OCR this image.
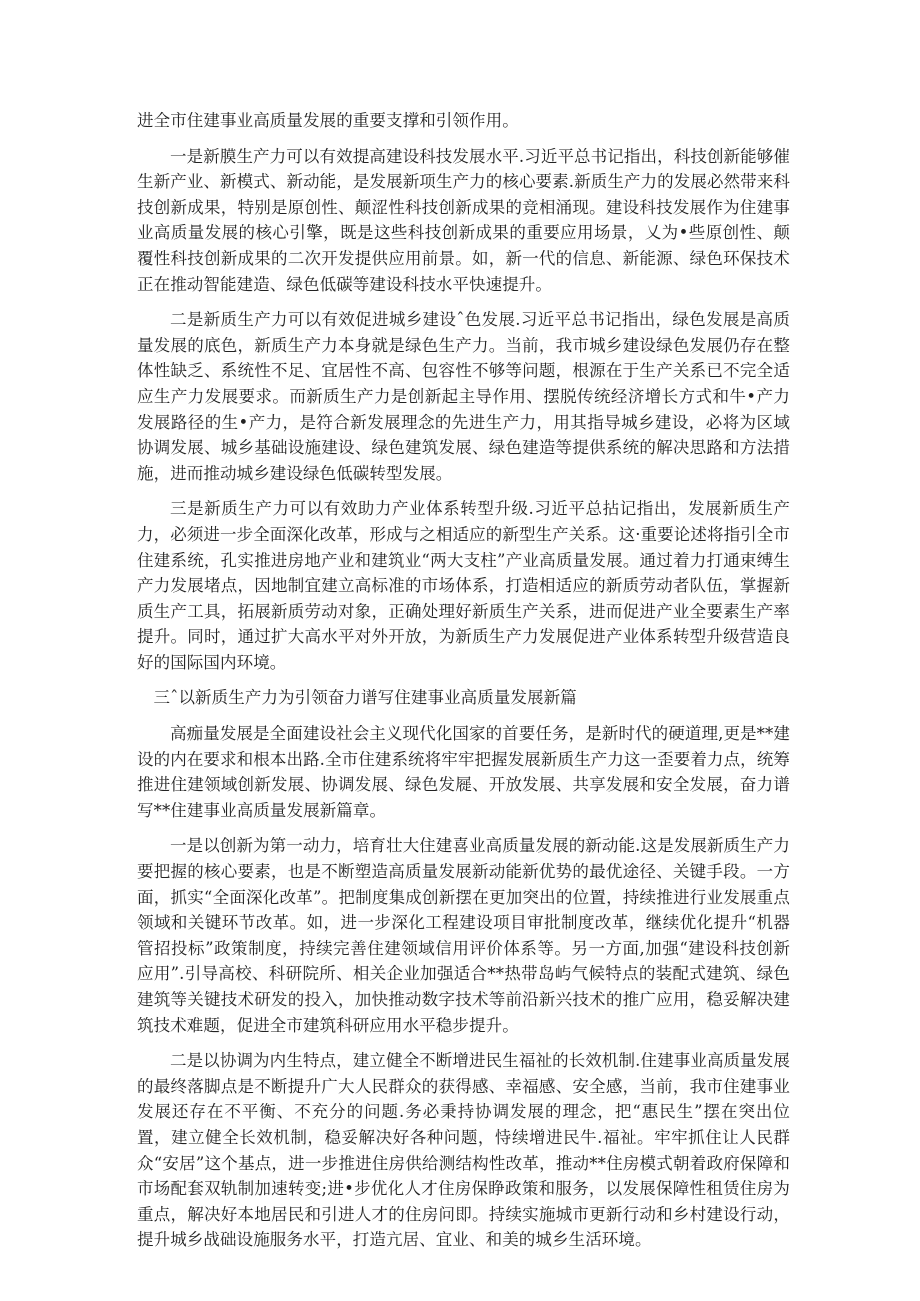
进全市住建事业高质量发展的重要支撑和引领作用。

一是新膜生产力可以有效提高建设科技发展水平.习近平总书记指出，科技创新能够催生新产业、新模式、新动能，是发展新项生产力的核心要素.新质生产力的发展必然带来科技创新成果，特别是原创性、颠涩性科技创新成果的竞相涌现。建设科技发展作为住建事业高质量发展的核心引擎，既是这些科技创新成果的重要应用场景，乂为•些原创性、颠覆性科技创新成果的二次开发提供应用前景。如，新一代的信息、新能源、绿色环保技术正在推动智能建造、绿色低碳等建设科技水平快速提升。

二是新质生产力可以有效促进城乡建设ˆ色发展.习近平总书记指出，绿色发展是高质量发展的底色，新质生产力本身就是绿色生产力。当前，我市城乡建设绿色发展仍存在整体性缺乏、系统性不足、宜居性不高、包容性不够等问题，根源在于生产关系已不完全适应生产力发展要求。而新质生产力是创新起主导作用、摆脱传统经济增长方式和牛•产力发展路径的生•产力，是符合新发展理念的先进生产力，用其指导城乡建设，必将为区域协调发展、城乡基础设施建设、绿色建筑发展、绿色建造等提供系统的解决思路和方法措施，进而推动城乡建设绿色低碳转型发展。

三是新质生产力可以有效助力产业体系转型升级.习近平总拈记指出，发展新质生产力，必须进一步全面深化改革，形成与之相适应的新型生产关系。这·重要论述将指引全市住建系统，孔实推进房地产业和建筑业“两大支柱”产业高质量发展。通过着力打通束缚生产力发展堵点，因地制宜建立高标准的市场体系，打造相适应的新质劳动者队伍，掌握新质生产工具，拓展新质劳动对象，正确处理好新质生产关系，进而促进产业全要素生产率提升。同时，通过扩大高水平对外开放，为新质生产力发展促进产业体系转型升级营造良好的国际国内环境。

三ˆ以新质生产力为引领奋力谱写住建事业高质量发展新篇

高痂量发展是全面建设社会主义现代化国家的首要任务，是新时代的硬道理,更是**建设的内在要求和根本出路.全市住建系统将牢牢把握发展新质生产力这一歪要着力点，统筹推进住建领域创新发展、协调发展、绿色发屣、开放发展、共享发展和安全发展，奋力谱写**住建事业高质量发展新篇章。

一是以创新为第一动力，培育壮大住建喜业高质量发展的新动能.这是发展新质生产力要把握的核心要素，也是不断塑造高质量发展新动能新优势的最优途径、关键手段。一方面，抓实“全面深化改革”。把制度集成创新摆在更加突出的位置，持续推进行业发展重点领域和关键环节改革。如，进一步深化工程建设项目审批制度改革，继续优化提升“机器管招投标”政策制度，持续完善住建领域信用评价体系等。另一方面,加强“建设科技创新应用”.引导高校、科研院所、相关企业加强适合**热带岛屿气候特点的装配式建筑、绿色建筑等关键技术研发的投入，加快推动数字技术等前沿新兴技术的推广应用，稳妥解决建筑技术难题，促进全市建筑科研应用水平稳步提升。

二是以协调为内生特点，建立健全不断增进民生福祉的长效机制.住建事业高质量发展的最终落脚点是不断提升广大人民群众的获得感、幸福感、安全感，当前，我市住建事业发展还存在不平衡、不充分的问题.务必秉持协调发展的理念，把“惠民生”摆在突出位置，建立健全长效机制，稳妥解决好各种问题，恃续增进民牛.福祉。牢牢抓住让人民群众“安居”这个基点，进一步推进住房供给测结构性改革，推动**住房模式朝着政府保障和市场配套双轨制加速转变;进•步优化人才住房保睁政策和服务，以发展保障性租赁住房为重点，解决好本地居民和引进人才的住房问即。持续实施城市更新行动和乡村建设行动，提升城乡战础设施服务水平，打造亢居、宜业、和美的城乡生活环境。
